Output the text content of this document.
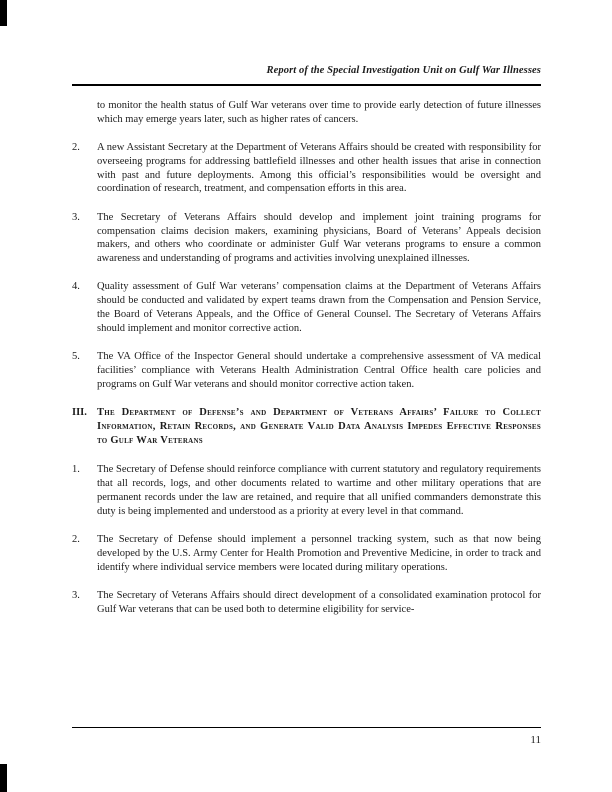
Report of the Special Investigation Unit on Gulf War Illnesses

to monitor the health status of Gulf War veterans over time to provide early detection of future illnesses which may emerge years later, such as higher rates of cancers.

2. A new Assistant Secretary at the Department of Veterans Affairs should be created with responsibility for overseeing programs for addressing battlefield illnesses and other health issues that arise in connection with past and future deployments. Among this official’s responsibilities would be oversight and coordination of research, treatment, and compensation efforts in this area.
3. The Secretary of Veterans Affairs should develop and implement joint training programs for compensation claims decision makers, examining physicians, Board of Veterans’ Appeals decision makers, and others who coordinate or administer Gulf War veterans programs to ensure a common awareness and understanding of programs and activities involving unexplained illnesses.
4. Quality assessment of Gulf War veterans’ compensation claims at the Department of Veterans Affairs should be conducted and validated by expert teams drawn from the Compensation and Pension Service, the Board of Veterans Appeals, and the Office of General Counsel. The Secretary of Veterans Affairs should implement and monitor corrective action.
5. The VA Office of the Inspector General should undertake a comprehensive assessment of VA medical facilities’ compliance with Veterans Health Administration Central Office health care policies and programs on Gulf War veterans and should monitor corrective action taken.
III. The Department of Defense’s and Department of Veterans Affairs’ Failure to Collect Information, Retain Records, and Generate Valid Data Analysis Impedes Effective Responses to Gulf War Veterans
1. The Secretary of Defense should reinforce compliance with current statutory and regulatory requirements that all records, logs, and other documents related to wartime and other military operations that are permanent records under the law are retained, and require that all unified commanders demonstrate this duty is being implemented and understood as a priority at every level in that command.
2. The Secretary of Defense should implement a personnel tracking system, such as that now being developed by the U.S. Army Center for Health Promotion and Preventive Medicine, in order to track and identify where individual service members were located during military operations.
3. The Secretary of Veterans Affairs should direct development of a consolidated examination protocol for Gulf War veterans that can be used both to determine eligibility for service-
11
